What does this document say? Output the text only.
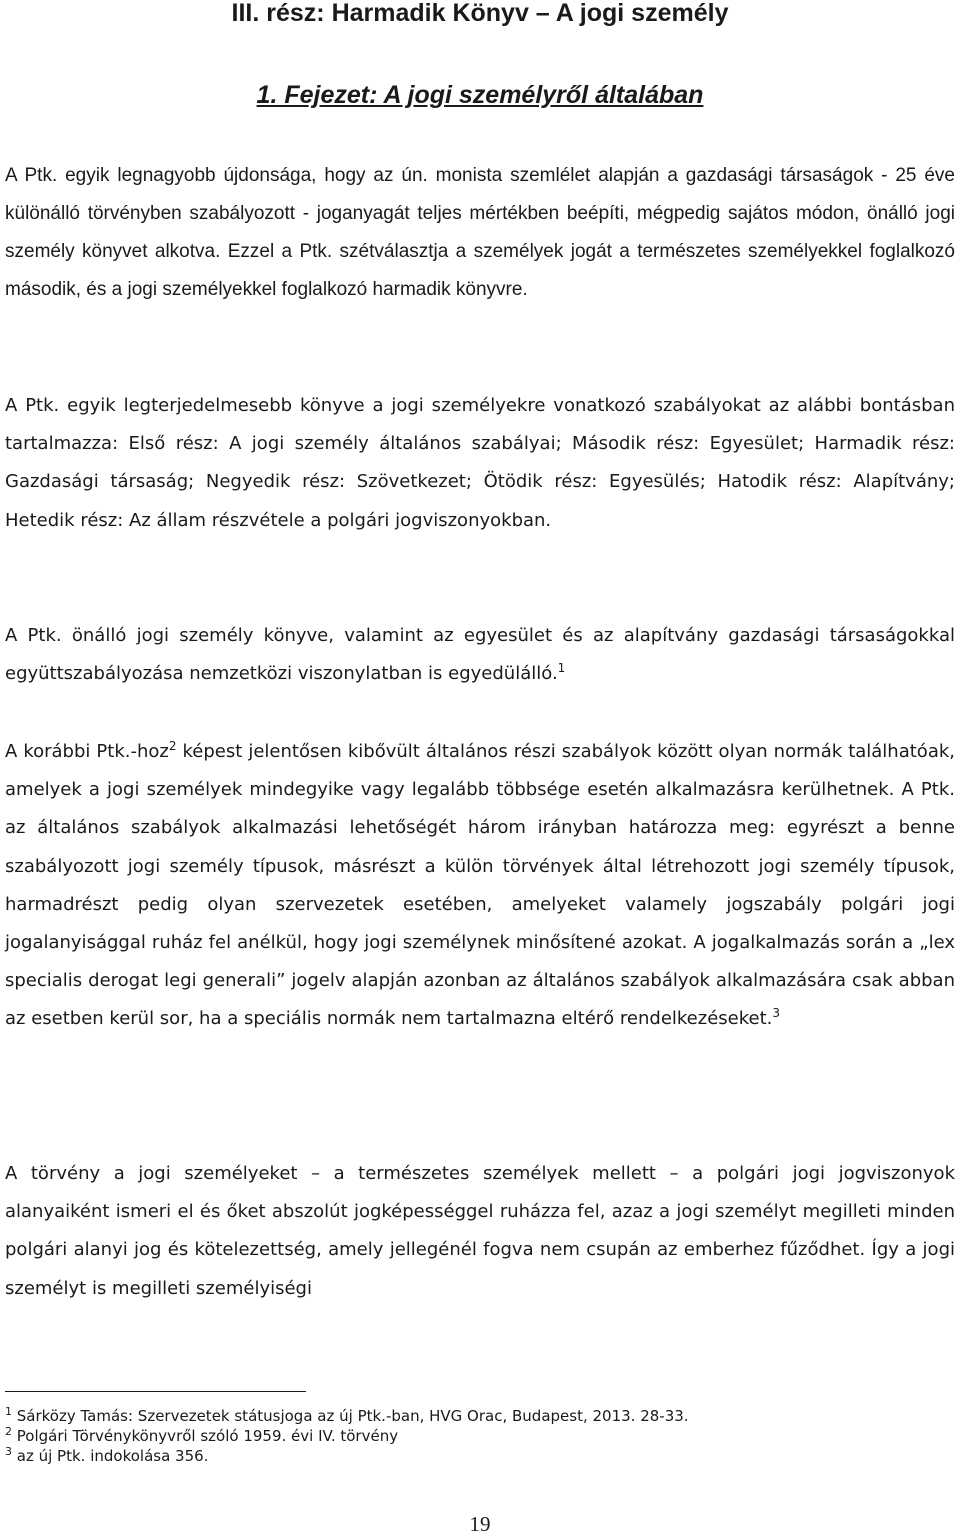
III. rész: Harmadik Könyv – A jogi személy
1. Fejezet: A jogi személyről általában

A Ptk. egyik legnagyobb újdonsága, hogy az ún. monista szemlélet alapján a gazdasági társaságok - 25 éve különálló törvényben szabályozott - joganyagát teljes mértékben beépíti, mégpedig sajátos módon, önálló jogi személy könyvet alkotva. Ezzel a Ptk. szétválasztja a személyek jogát a természetes személyekkel foglalkozó második, és a jogi személyekkel foglalkozó harmadik könyvre.

A Ptk. egyik legterjedelmesebb könyve a jogi személyekre vonatkozó szabályokat az alábbi bontásban tartalmazza: Első rész: A jogi személy általános szabályai; Második rész: Egyesület; Harmadik rész: Gazdasági társaság; Negyedik rész: Szövetkezet; Ötödik rész: Egyesülés; Hatodik rész: Alapítvány; Hetedik rész: Az állam részvétele a polgári jogviszonyokban.

A Ptk. önálló jogi személy könyve, valamint az egyesület és az alapítvány gazdasági társaságokkal együttszabályozása nemzetközi viszonylatban is egyedülálló.$^1$

A korábbi Ptk.-hoz$^2$ képest jelentősen kibővült általános részi szabályok között olyan normák találhatóak, amelyek a jogi személyek mindegyike vagy legalább többsége esetén alkalmazásra kerülhetnek. A Ptk. az általános szabályok alkalmazási lehetőségét három irányban határozza meg: egyrészt a benne szabályozott jogi személy típusok, másrészt a külön törvények által létrehozott jogi személy típusok, harmadrészt pedig olyan szervezetek esetében, amelyeket valamely jogszabály polgári jogi jogalanyisággal ruház fel anélkül, hogy jogi személynek minősítené azokat. A jogalkalmazás során a „lex specialis derogat legi generali” jogelv alapján azonban az általános szabályok alkalmazására csak abban az esetben kerül sor, ha a speciális normák nem tartalmazna eltérő rendelkezéseket.$^3$

A törvény a jogi személyeket – a természetes személyek mellett – a polgári jogi jogviszonyok alanyaiként ismeri el és őket abszolút jogképességgel ruházza fel, azaz a jogi személyt megilleti minden polgári alanyi jog és kötelezettség, amely jellegénél fogva nem csupán az emberhez fűződhet. Így a jogi személyt is megilleti személyiségi

$^1$ Sárközy Tamás: Szervezetek státusjoga az új Ptk.-ban, HVG Orac, Budapest, 2013. 28-33.
$^2$ Polgári Törvénykönyvről szóló 1959. évi IV. törvény
$^3$ az új Ptk. indokolása 356.
19
